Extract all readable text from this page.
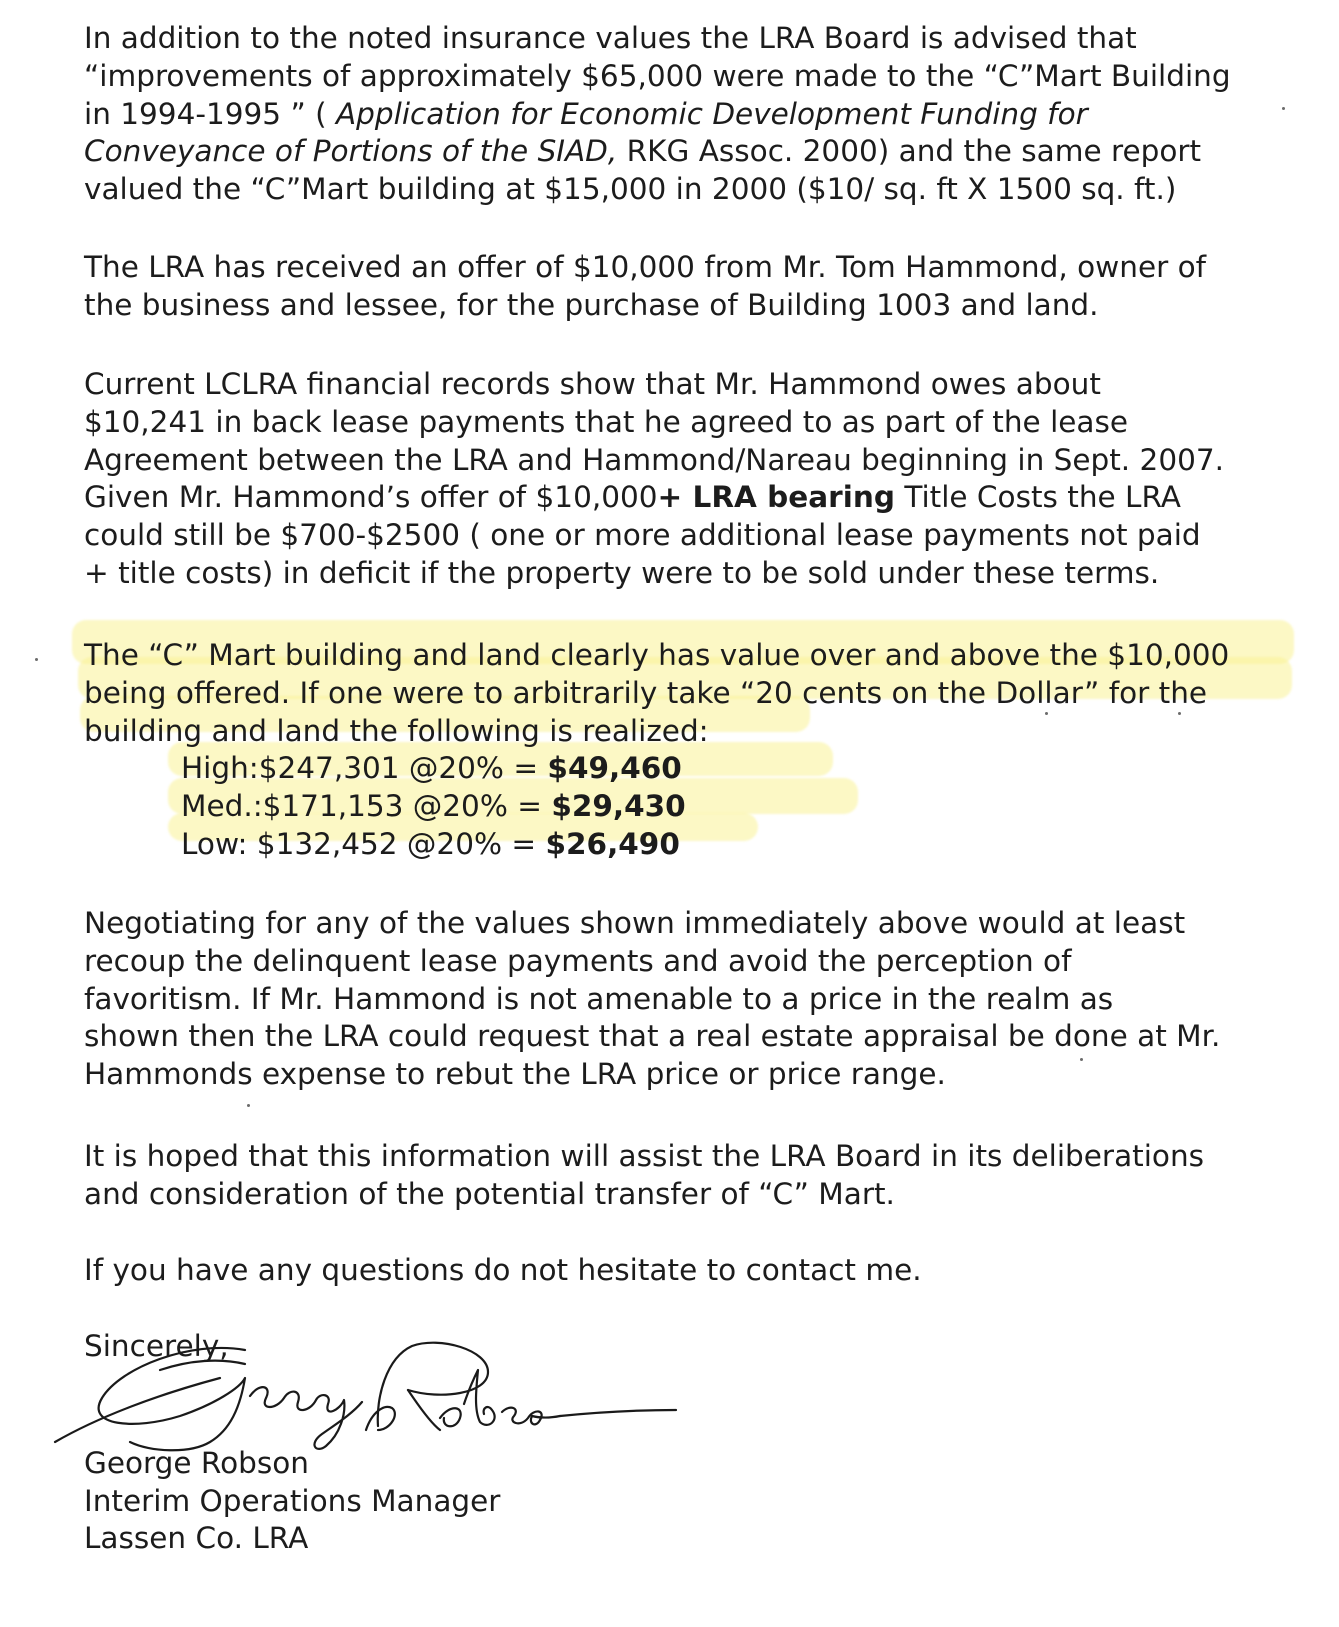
In addition to the noted insurance values the LRA Board is advised that
“improvements of approximately $65,000 were made to the “C”Mart Building
in 1994-1995 ” ( Application for Economic Development Funding for
Conveyance of Portions of the SIAD, RKG Assoc. 2000) and the same report
valued the “C”Mart building at $15,000 in 2000 ($10/ sq. ft X 1500 sq. ft.)
The LRA has received an offer of $10,000 from Mr. Tom Hammond, owner of
the business and lessee, for the purchase of Building 1003 and land.
Current LCLRA financial records show that Mr. Hammond owes about
$10,241 in back lease payments that he agreed to as part of the lease
Agreement between the LRA and Hammond/Nareau beginning in Sept. 2007.
Given Mr. Hammond’s offer of $10,000+ LRA bearing Title Costs the LRA
could still be $700-$2500 ( one or more additional lease payments not paid
+ title costs) in deficit if the property were to be sold under these terms.
The “C” Mart building and land clearly has value over and above the $10,000
being offered. If one were to arbitrarily take “20 cents on the Dollar” for the
building and land the following is realized:
High:$247,301 @20% = $49,460
Med.:$171,153 @20% = $29,430
Low: $132,452 @20% = $26,490
Negotiating for any of the values shown immediately above would at least
recoup the delinquent lease payments and avoid the perception of
favoritism. If Mr. Hammond is not amenable to a price in the realm as
shown then the LRA could request that a real estate appraisal be done at Mr.
Hammonds expense to rebut the LRA price or price range.
It is hoped that this information will assist the LRA Board in its deliberations
and consideration of the potential transfer of “C” Mart.
If you have any questions do not hesitate to contact me.
Sincerely,
George Robson
Interim Operations Manager
Lassen Co. LRA
